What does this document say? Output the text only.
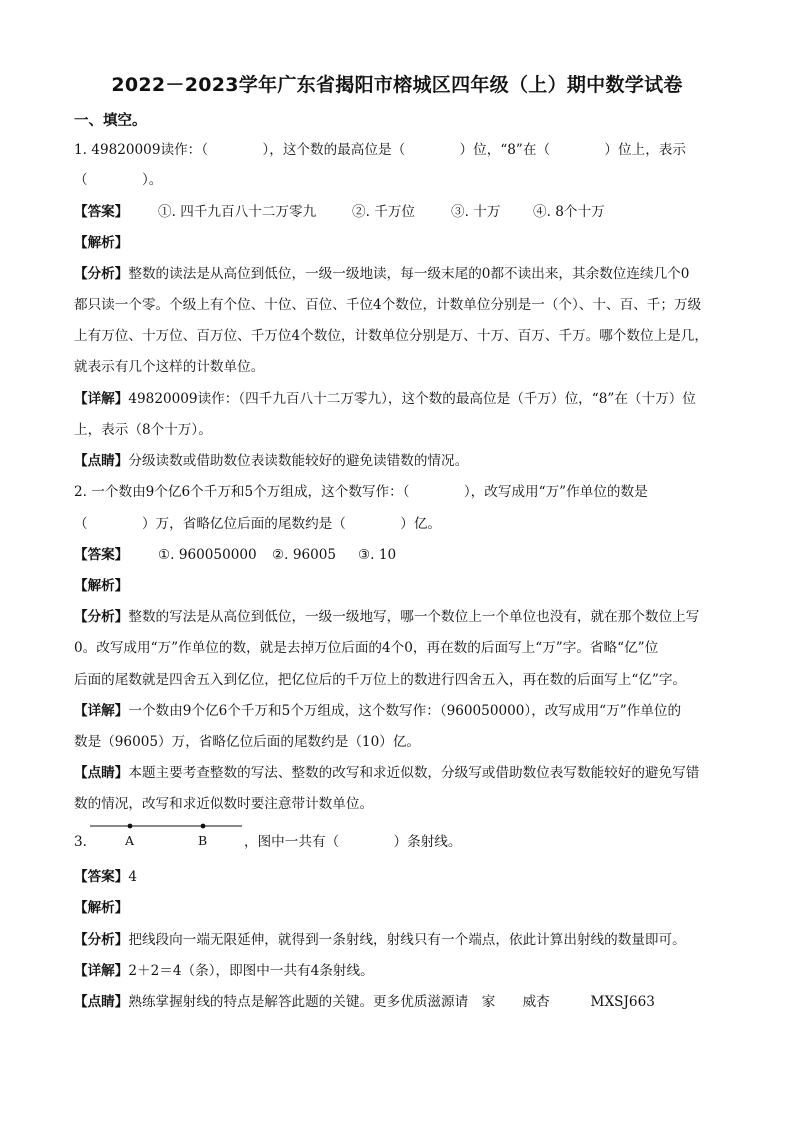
2022－2023学年广东省揭阳市榕城区四年级（上）期中数学试卷
一、填空。
1. 49820009读作：（　　　　），这个数的最高位是（　　　　）位，“8”在（　　　　）位上，表示
（　　　　）。
【答案】	①. 四千九百八十二万零九	②. 千万位	③. 十万 ④. 8个十万
【解析】
【分析】整数的读法是从高位到低位，一级一级地读，每一级末尾的0都不读出来，其余数位连续几个0
都只读一个零。个级上有个位、十位、百位、千位4个数位，计数单位分别是一（个）、十、百、千；万级
上有万位、十万位、百万位、千万位4个数位，计数单位分别是万、十万、百万、千万。哪个数位上是几，
就表示有几个这样的计数单位。
【详解】49820009读作：（四千九百八十二万零九），这个数的最高位是（千万）位，“8”在（十万）位
上，表示（8个十万）。
【点睛】分级读数或借助数位表读数能较好的避免读错数的情况。
2. 一个数由9个亿6个千万和5个万组成，这个数写作：（　　　　），改写成用“万”作单位的数是
（　　　　）万，省略亿位后面的尾数约是（　　　　）亿。
【答案】	①. 960050000 ②. 96005 ③. 10
【解析】
【分析】整数的写法是从高位到低位，一级一级地写，哪一个数位上一个单位也没有，就在那个数位上写
0。改写成用“万”作单位的数，就是去掉万位后面的4个0，再在数的后面写上“万”字。省略“亿”位
后面的尾数就是四舍五入到亿位，把亿位后的千万位上的数进行四舍五入，再在数的后面写上“亿”字。
【详解】一个数由9个亿6个千万和5个万组成，这个数写作：（960050000），改写成用“万”作单位的
数是（96005）万，省略亿位后面的尾数约是（10）亿。
【点睛】本题主要考查整数的写法、整数的改写和求近似数，分级写或借助数位表写数能较好的避免写错
数的情况，改写和求近似数时要注意带计数单位。
3.	A	B	，图中一共有（　　　　）条射线。
【答案】4
【解析】
【分析】把线段向一端无限延伸，就得到一条射线，射线只有一个端点，依此计算出射线的数量即可。
【详解】2＋2＝4（条），即图中一共有4条射线。
【点睛】熟练掌握射线的特点是解答此题的关键。更多优质滋源请　家　　威杏　　　MXSJ663
